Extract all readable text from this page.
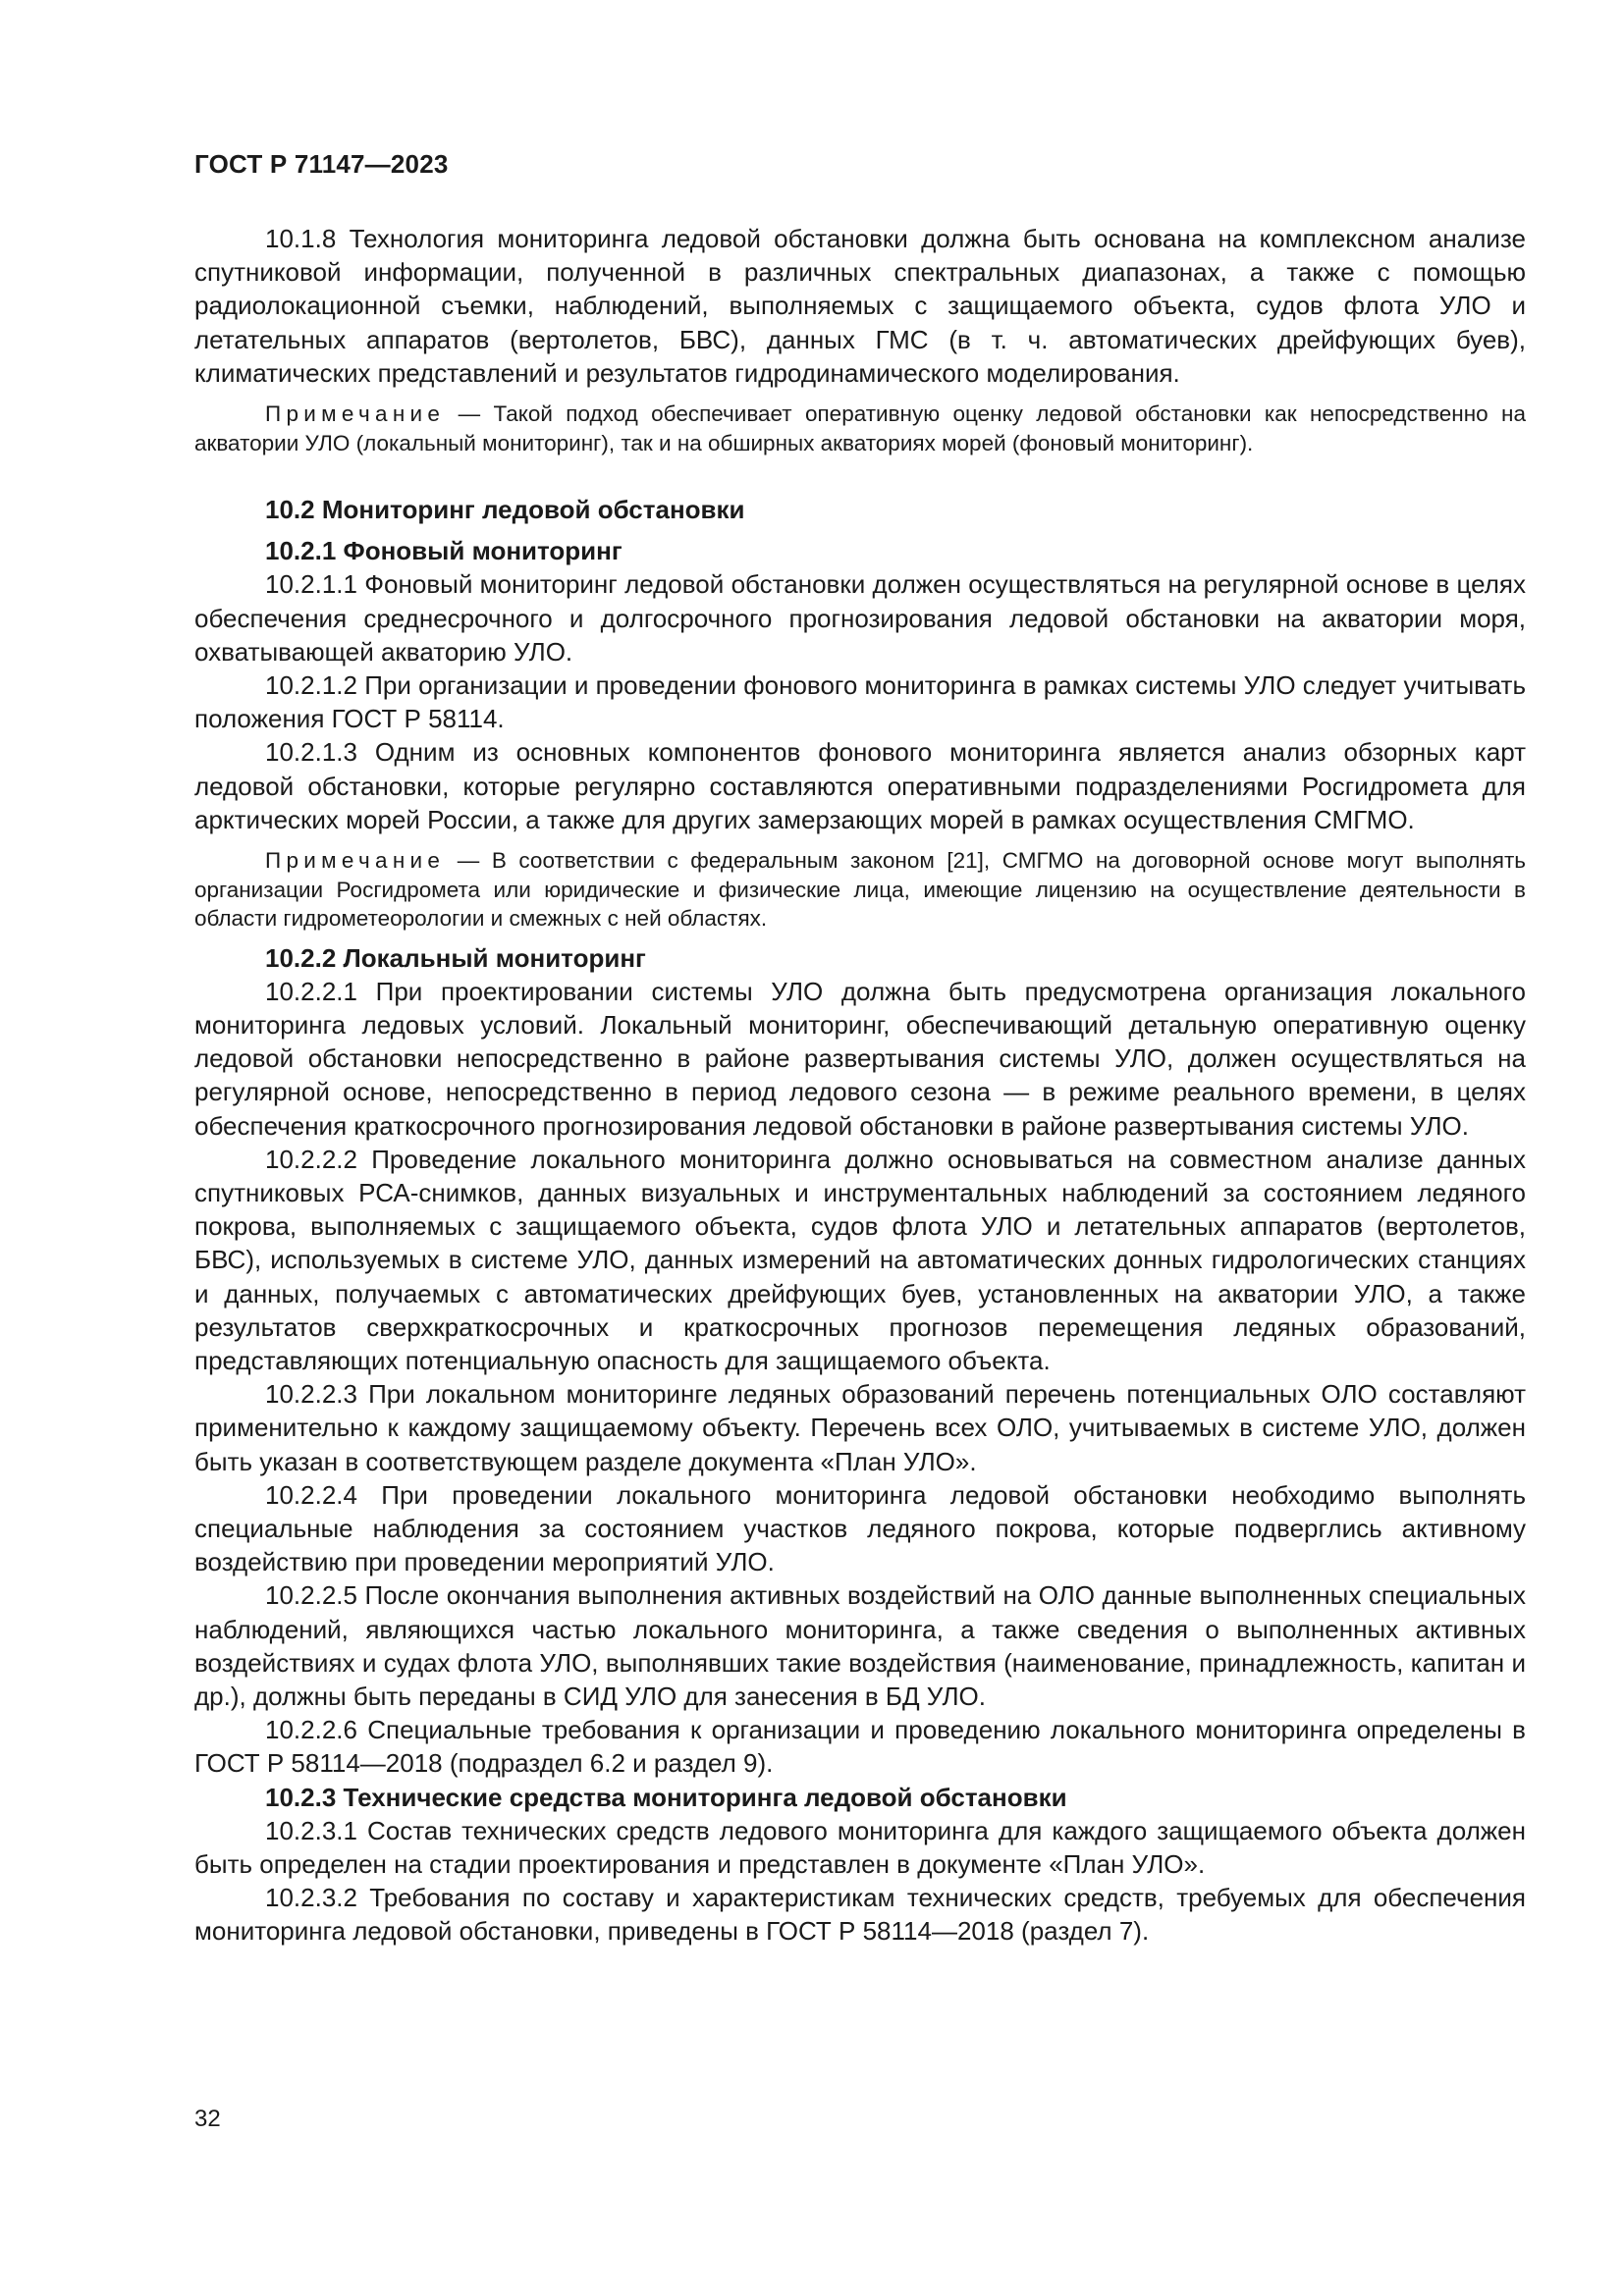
ГОСТ Р 71147—2023

10.1.8 Технология мониторинга ледовой обстановки должна быть основана на комплексном анализе спутниковой информации, полученной в различных спектральных диапазонах, а также с помощью радиолокационной съемки, наблюдений, выполняемых с защищаемого объекта, судов флота УЛО и летательных аппаратов (вертолетов, БВС), данных ГМС (в т. ч. автоматических дрейфующих буев), климатических представлений и результатов гидродинамического моделирования.

Примечание — Такой подход обеспечивает оперативную оценку ледовой обстановки как непосредственно на акватории УЛО (локальный мониторинг), так и на обширных акваториях морей (фоновый мониторинг).

10.2 Мониторинг ледовой обстановки

10.2.1 Фоновый мониторинг

10.2.1.1 Фоновый мониторинг ледовой обстановки должен осуществляться на регулярной основе в целях обеспечения среднесрочного и долгосрочного прогнозирования ледовой обстановки на акватории моря, охватывающей акваторию УЛО.

10.2.1.2 При организации и проведении фонового мониторинга в рамках системы УЛО следует учитывать положения ГОСТ Р 58114.

10.2.1.3 Одним из основных компонентов фонового мониторинга является анализ обзорных карт ледовой обстановки, которые регулярно составляются оперативными подразделениями Росгидромета для арктических морей России, а также для других замерзающих морей в рамках осуществления СМГМО.

Примечание — В соответствии с федеральным законом [21], СМГМО на договорной основе могут выполнять организации Росгидромета или юридические и физические лица, имеющие лицензию на осуществление деятельности в области гидрометеорологии и смежных с ней областях.

10.2.2 Локальный мониторинг

10.2.2.1 При проектировании системы УЛО должна быть предусмотрена организация локального мониторинга ледовых условий. Локальный мониторинг, обеспечивающий детальную оперативную оценку ледовой обстановки непосредственно в районе развертывания системы УЛО, должен осуществляться на регулярной основе, непосредственно в период ледового сезона — в режиме реального времени, в целях обеспечения краткосрочного прогнозирования ледовой обстановки в районе развертывания системы УЛО.

10.2.2.2 Проведение локального мониторинга должно основываться на совместном анализе данных спутниковых РСА-снимков, данных визуальных и инструментальных наблюдений за состоянием ледяного покрова, выполняемых с защищаемого объекта, судов флота УЛО и летательных аппаратов (вертолетов, БВС), используемых в системе УЛО, данных измерений на автоматических донных гидрологических станциях и данных, получаемых с автоматических дрейфующих буев, установленных на акватории УЛО, а также результатов сверхкраткосрочных и краткосрочных прогнозов перемещения ледяных образований, представляющих потенциальную опасность для защищаемого объекта.

10.2.2.3 При локальном мониторинге ледяных образований перечень потенциальных ОЛО составляют применительно к каждому защищаемому объекту. Перечень всех ОЛО, учитываемых в системе УЛО, должен быть указан в соответствующем разделе документа «План УЛО».

10.2.2.4 При проведении локального мониторинга ледовой обстановки необходимо выполнять специальные наблюдения за состоянием участков ледяного покрова, которые подверглись активному воздействию при проведении мероприятий УЛО.

10.2.2.5 После окончания выполнения активных воздействий на ОЛО данные выполненных специальных наблюдений, являющихся частью локального мониторинга, а также сведения о выполненных активных воздействиях и судах флота УЛО, выполнявших такие воздействия (наименование, принадлежность, капитан и др.), должны быть переданы в СИД УЛО для занесения в БД УЛО.

10.2.2.6 Специальные требования к организации и проведению локального мониторинга определены в ГОСТ Р 58114—2018 (подраздел 6.2 и раздел 9).

10.2.3 Технические средства мониторинга ледовой обстановки

10.2.3.1 Состав технических средств ледового мониторинга для каждого защищаемого объекта должен быть определен на стадии проектирования и представлен в документе «План УЛО».

10.2.3.2 Требования по составу и характеристикам технических средств, требуемых для обеспечения мониторинга ледовой обстановки, приведены в ГОСТ Р 58114—2018 (раздел 7).

32
